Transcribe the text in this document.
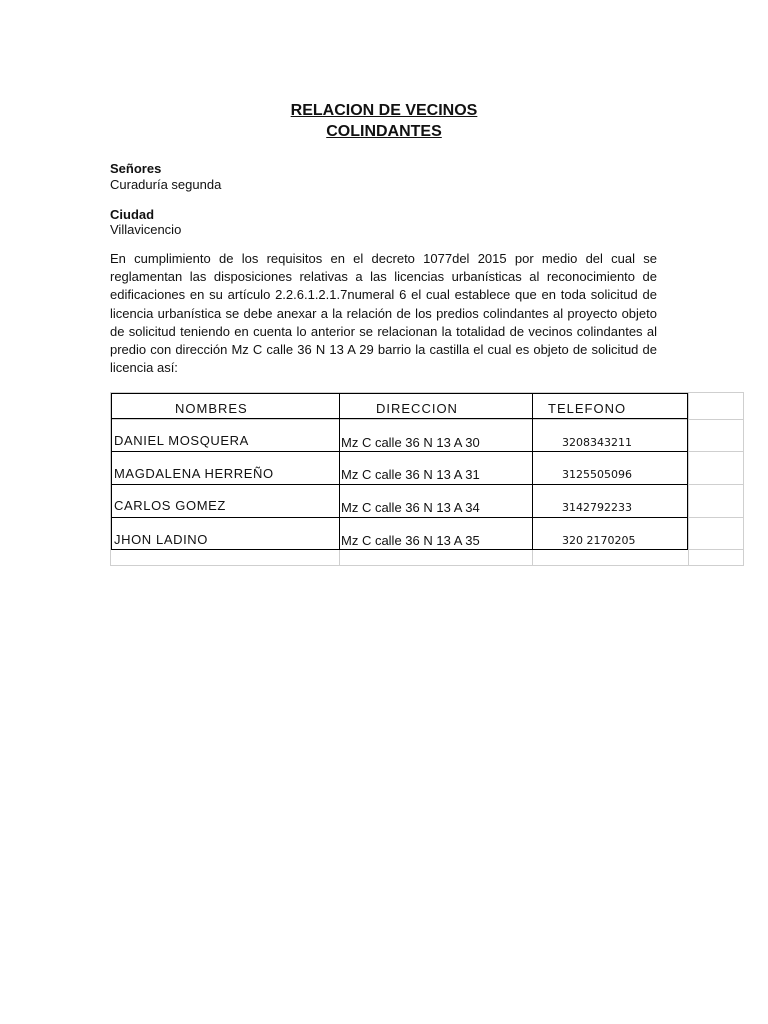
RELACION DE VECINOS
COLINDANTES
Señores
Curaduría segunda
Ciudad
Villavicencio

En cumplimiento de los requisitos en el decreto 1077del 2015 por medio del cual se reglamentan las disposiciones relativas a las licencias urbanísticas al reconocimiento de edificaciones en su artículo 2.2.6.1.2.1.7numeral 6 el cual establece que en toda solicitud de licencia urbanística se debe anexar a la relación de los predios colindantes al proyecto objeto de solicitud teniendo en cuenta lo anterior se relacionan la totalidad de vecinos colindantes al predio con dirección Mz C calle 36 N 13 A 29 barrio la castilla el cual es objeto de solicitud de licencia así:

NOMBRES	DIRECCION	TELEFONO
DANIEL MOSQUERA	Mz C calle 36 N 13 A 30	3208343211
MAGDALENA HERREÑO	Mz C calle 36 N 13 A 31	3125505096
CARLOS GOMEZ	Mz C calle 36 N 13 A 34	3142792233
JHON LADINO	Mz C calle 36 N 13 A 35	320 2170205
